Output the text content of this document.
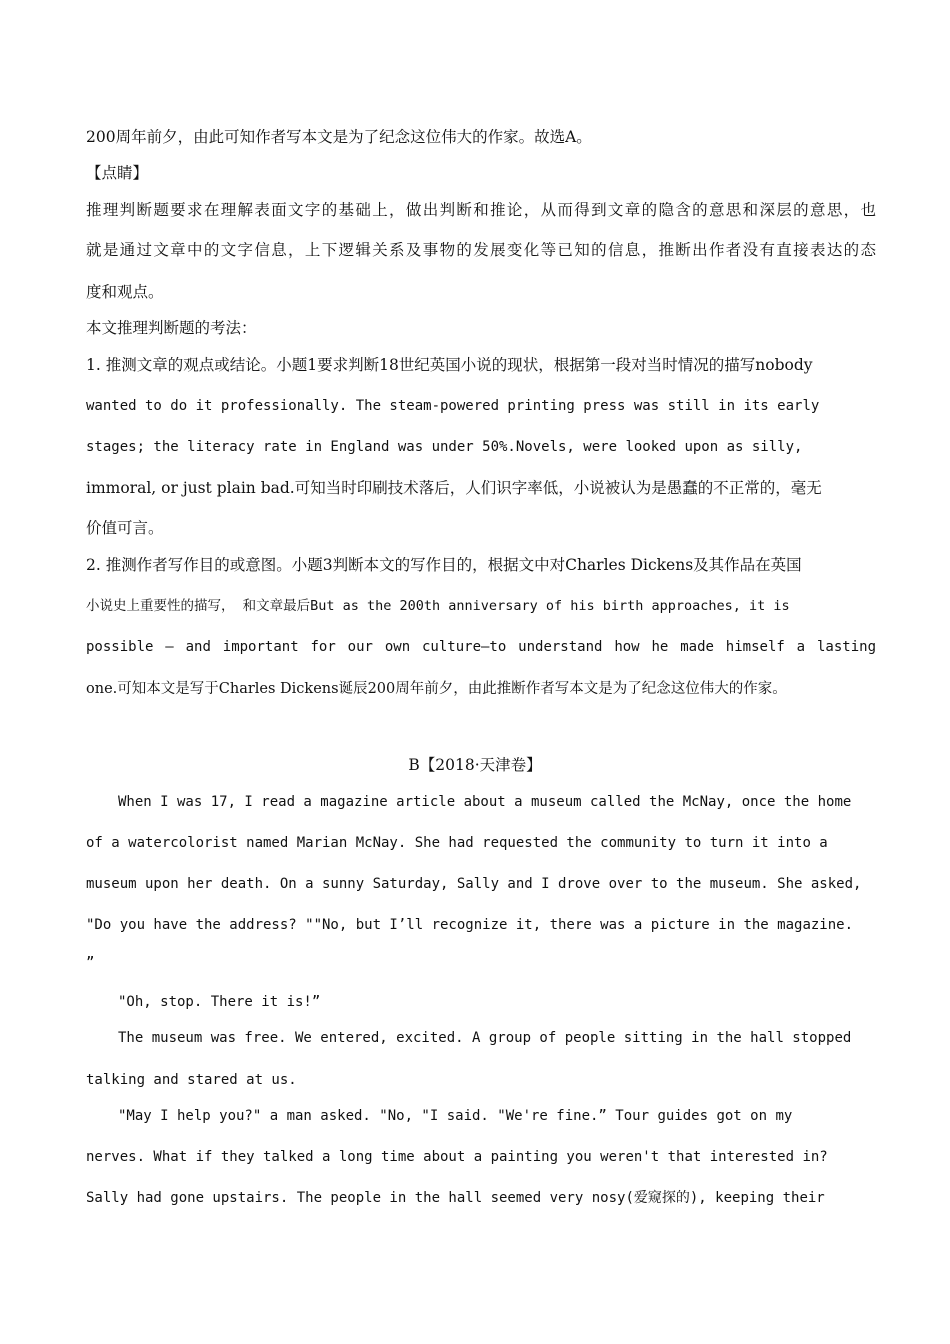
200周年前夕，由此可知作者写本文是为了纪念这位伟大的作家。故选A。
【点睛】
推理判断题要求在理解表面文字的基础上，做出判断和推论，从而得到文章的隐含的意思和深层的意思，也
就是通过文章中的文字信息，上下逻辑关系及事物的发展变化等已知的信息，推断出作者没有直接表达的态
度和观点。
本文推理判断题的考法：
1. 推测文章的观点或结论。小题1要求判断18世纪英国小说的现状，根据第一段对当时情况的描写nobody
wanted to do it professionally. The steam-powered printing press was still in its early
stages; the literacy rate in England was under 50%.Novels, were looked upon as silly,
immoral, or just plain bad.可知当时印刷技术落后，人们识字率低，小说被认为是愚蠢的不正常的，毫无
价值可言。
2. 推测作者写作目的或意图。小题3判断本文的写作目的，根据文中对Charles Dickens及其作品在英国
小说史上重要性的描写， 和文章最后But as the 200th anniversary of his birth approaches, it is
possible — and important for our own culture—to understand how he made himself a lasting
one.可知本文是写于Charles Dickens诞辰200周年前夕，由此推断作者写本文是为了纪念这位伟大的作家。
B【2018·天津卷】
When I was 17, I read a magazine article about a museum called the McNay, once the home
of a watercolorist named Marian McNay. She had requested the community to turn it into a
museum upon her death. On a sunny Saturday, Sally and I drove over to the museum. She asked,
"Do you have the address? ""No, but I’ll recognize it, there was a picture in the magazine.
”
"Oh, stop. There it is!”
The museum was free. We entered, excited. A group of people sitting in the hall stopped
talking and stared at us.
"May I help you?" a man asked. "No, "I said. "We're fine.” Tour guides got on my
nerves. What if they talked a long time about a painting you weren't that interested in?
Sally had gone upstairs. The people in the hall seemed very nosy(爱窥探的), keeping their
